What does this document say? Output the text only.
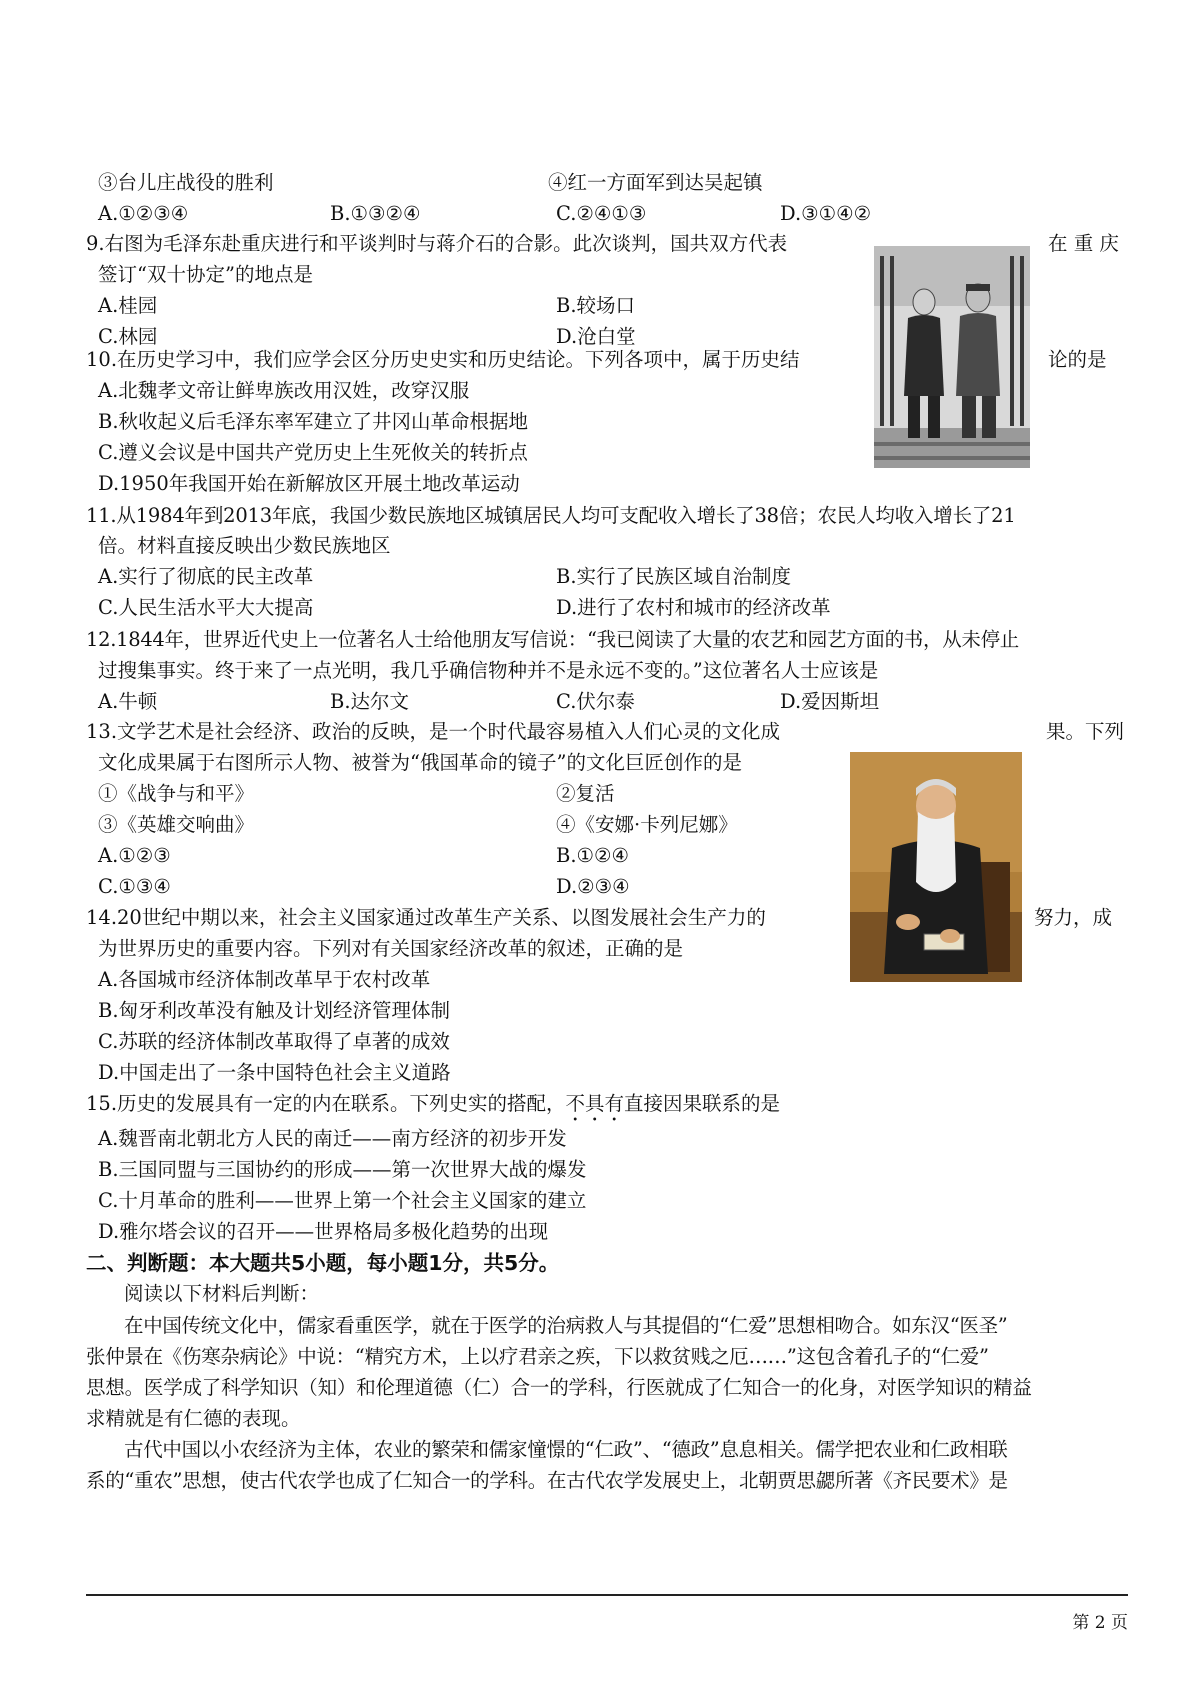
③台儿庄战役的胜利	④红一方面军到达吴起镇
A.①②③④	B.①③②④	C.②④①③	D.③①④②
9.右图为毛泽东赴重庆进行和平谈判时与蒋介石的合影。此次谈判，国共双方代表	在 重 庆
签订“双十协定”的地点是
A.桂园	B.较场口
C.林园	D.沧白堂
10.在历史学习中，我们应学会区分历史史实和历史结论。下列各项中，属于历史结	论的是
A.北魏孝文帝让鲜卑族改用汉姓，改穿汉服
B.秋收起义后毛泽东率军建立了井冈山革命根据地
C.遵义会议是中国共产党历史上生死攸关的转折点
D.1950年我国开始在新解放区开展土地改革运动
11.从1984年到2013年底，我国少数民族地区城镇居民人均可支配收入增长了38倍；农民人均收入增长了21
倍。材料直接反映出少数民族地区
A.实行了彻底的民主改革	B.实行了民族区域自治制度
C.人民生活水平大大提高	D.进行了农村和城市的经济改革
12.1844年，世界近代史上一位著名人士给他朋友写信说：“我已阅读了大量的农艺和园艺方面的书，从未停止
过搜集事实。终于来了一点光明，我几乎确信物种并不是永远不变的。”这位著名人士应该是
A.牛顿	B.达尔文	C.伏尔泰	D.爱因斯坦
13.文学艺术是社会经济、政治的反映，是一个时代最容易植入人们心灵的文化成	果。下列
文化成果属于右图所示人物、被誉为“俄国革命的镜子”的文化巨匠创作的是
①《战争与和平》	②复活
③《英雄交响曲》	④《安娜·卡列尼娜》
A.①②③	B.①②④
C.①③④	D.②③④
14.20世纪中期以来，社会主义国家通过改革生产关系、以图发展社会生产力的	努力，成
为世界历史的重要内容。下列对有关国家经济改革的叙述，正确的是
A.各国城市经济体制改革早于农村改革
B.匈牙利改革没有触及计划经济管理体制
C.苏联的经济体制改革取得了卓著的成效
D.中国走出了一条中国特色社会主义道路
15.历史的发展具有一定的内在联系。下列史实的搭配，不具有直接因果联系的是
A.魏晋南北朝北方人民的南迁——南方经济的初步开发
B.三国同盟与三国协约的形成——第一次世界大战的爆发
C.十月革命的胜利——世界上第一个社会主义国家的建立
D.雅尔塔会议的召开——世界格局多极化趋势的出现
二、判断题：本大题共5小题，每小题1分，共5分。
阅读以下材料后判断：
在中国传统文化中，儒家看重医学，就在于医学的治病救人与其提倡的“仁爱”思想相吻合。如东汉“医圣”
张仲景在《伤寒杂病论》中说：“精究方术，上以疗君亲之疾，下以救贫贱之厄……”这包含着孔子的“仁爱”
思想。医学成了科学知识（知）和伦理道德（仁）合一的学科，行医就成了仁知合一的化身，对医学知识的精益
求精就是有仁德的表现。
古代中国以小农经济为主体，农业的繁荣和儒家憧憬的“仁政”、“德政”息息相关。儒学把农业和仁政相联
系的“重农”思想，使古代农学也成了仁知合一的学科。在古代农学发展史上，北朝贾思勰所著《齐民要术》是
第 2 页
